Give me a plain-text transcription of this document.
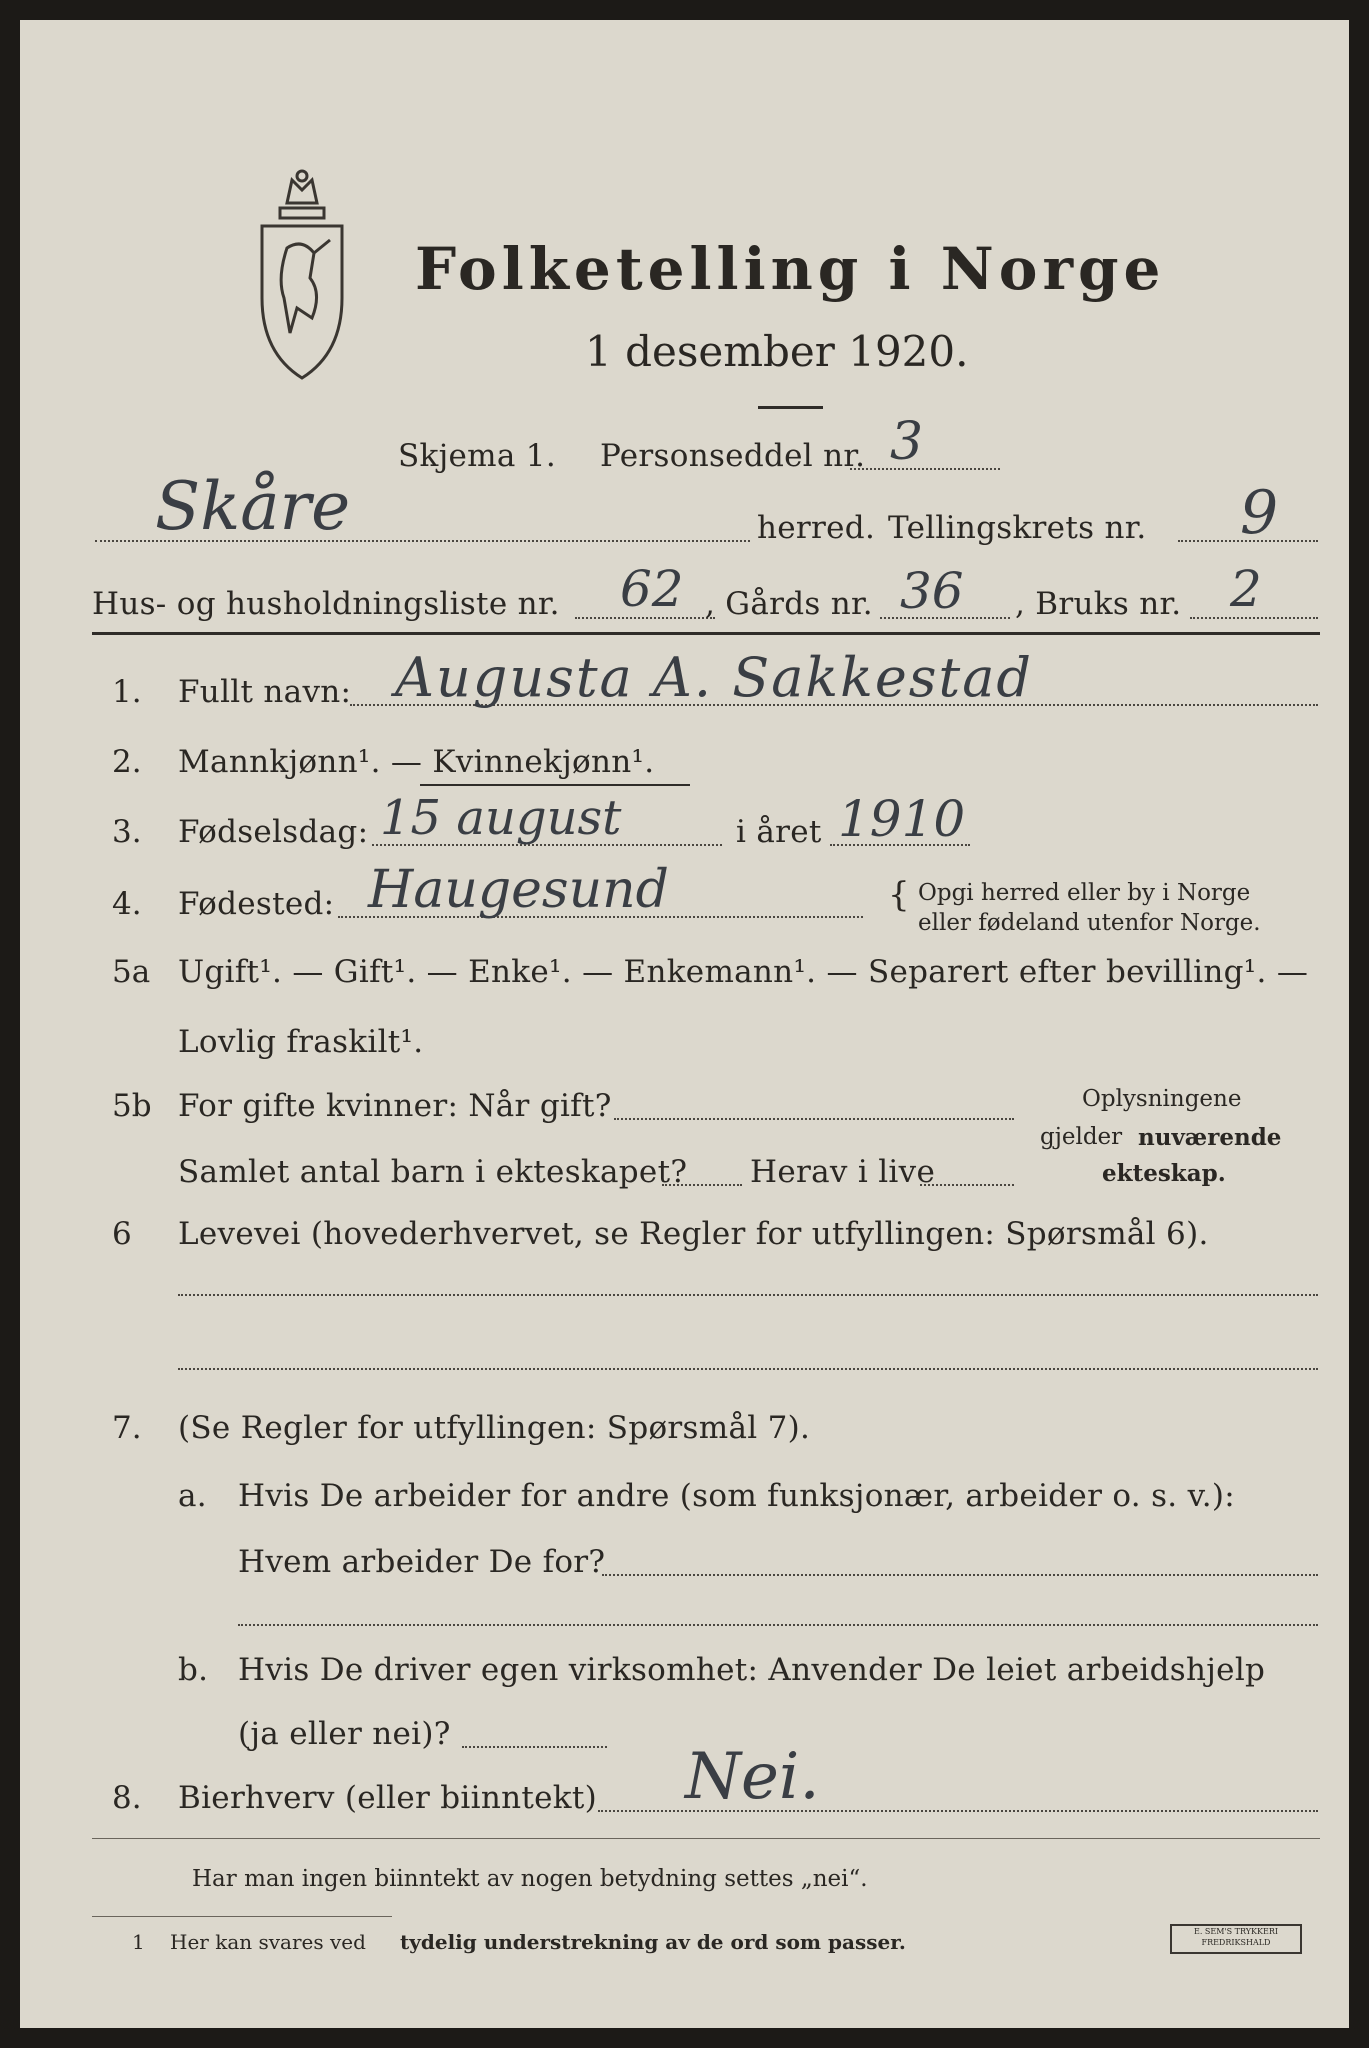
Folketelling i Norge
1 desember 1920.
Skjema 1. Personseddel nr. 3
Skåre	herred. Tellingskrets nr. 9
Hus- og husholdningsliste nr. 62 , Gårds nr. 36 , Bruks nr. 2
1. Fullt navn: Augusta A. Sakkestad
2. Mannkjønn¹. — Kvinnekjønn¹.
3. Fødselsdag: 15 august	i året 1910
4. Fødested: Haugesund	{ Opgi herred eller by i Norge
eller fødeland utenfor Norge.
5a Ugift¹. — Gift¹. — Enke¹. — Enkemann¹. — Separert efter bevilling¹. —
Lovlig fraskilt¹.
5b For gifte kvinner: Når gift?
Samlet antal barn i ekteskapet? Herav i live
Oplysningene
gjelder nuværende
ekteskap.
6 Levevei (hovederhvervet, se Regler for utfyllingen: Spørsmål 6).
7. (Se Regler for utfyllingen: Spørsmål 7).
a. Hvis De arbeider for andre (som funksjonær, arbeider o. s. v.):
Hvem arbeider De for?
b. Hvis De driver egen virksomhet: Anvender De leiet arbeidshjelp
(ja eller nei)?
8. Bierhverv (eller biinntekt) Nei.
Har man ingen biinntekt av nogen betydning settes „nei“.
1 Her kan svares ved tydelig understrekning av de ord som passer.	E. SEM'S TRYKKERI
FREDRIKSHALD
